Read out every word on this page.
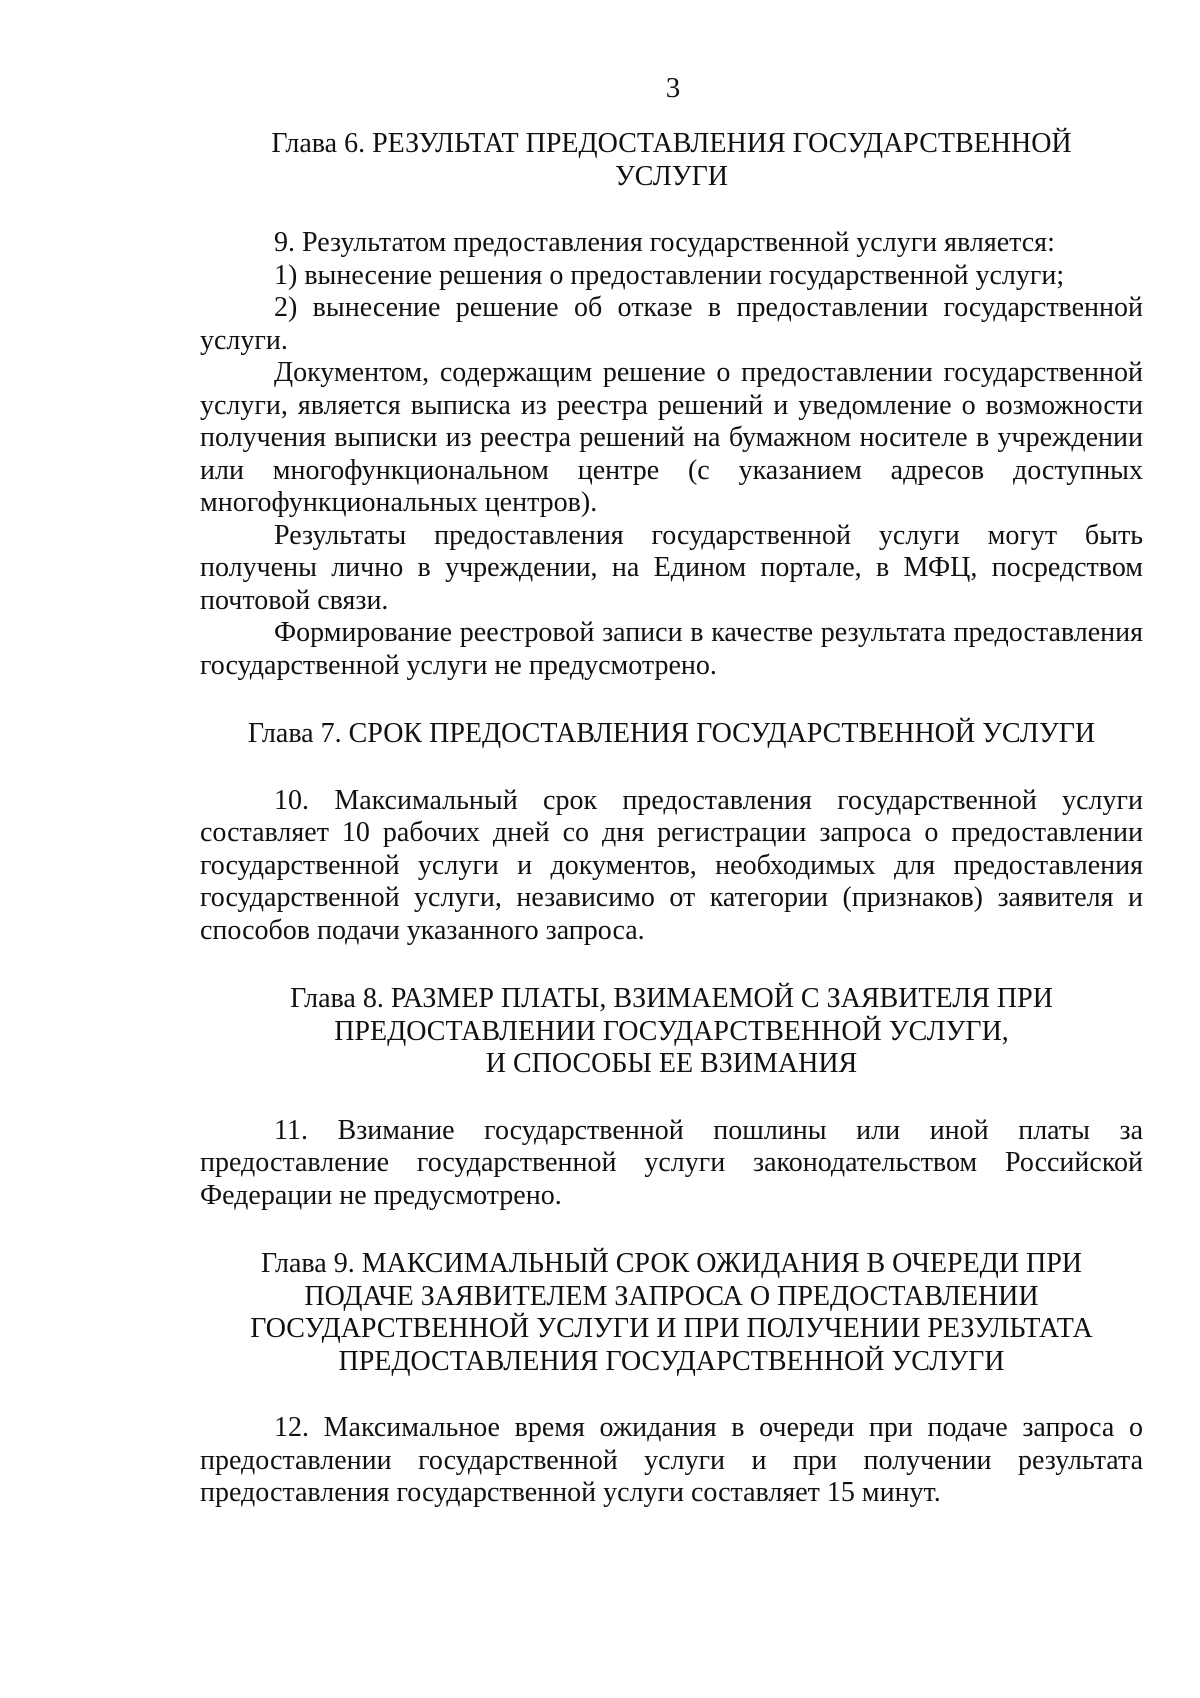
3
Глава 6. РЕЗУЛЬТАТ ПРЕДОСТАВЛЕНИЯ ГОСУДАРСТВЕННОЙ
УСЛУГИ

9. Результатом предоставления государственной услуги является:

1) вынесение решения о предоставлении государственной услуги;

2) вынесение решение об отказе в предоставлении государственной услуги.

Документом, содержащим решение о предоставлении государственной услуги, является выписка из реестра решений и уведомление о возможности получения выписки из реестра решений на бумажном носителе в учреждении или многофункциональном центре (с указанием адресов доступных многофункциональных центров).

Результаты предоставления государственной услуги могут быть получены лично в учреждении, на Едином портале, в МФЦ, посредством почтовой связи.

Формирование реестровой записи в качестве результата предоставления государственной услуги не предусмотрено.

Глава 7. СРОК ПРЕДОСТАВЛЕНИЯ ГОСУДАРСТВЕННОЙ УСЛУГИ

10. Максимальный срок предоставления государственной услуги составляет 10 рабочих дней со дня регистрации запроса о предоставлении государственной услуги и документов, необходимых для предоставления государственной услуги, независимо от категории (признаков) заявителя и способов подачи указанного запроса.

Глава 8. РАЗМЕР ПЛАТЫ, ВЗИМАЕМОЙ С ЗАЯВИТЕЛЯ ПРИ
ПРЕДОСТАВЛЕНИИ ГОСУДАРСТВЕННОЙ УСЛУГИ,
И СПОСОБЫ ЕЕ ВЗИМАНИЯ

11. Взимание государственной пошлины или иной платы за предоставление государственной услуги законодательством Российской Федерации не предусмотрено.

Глава 9. МАКСИМАЛЬНЫЙ СРОК ОЖИДАНИЯ В ОЧЕРЕДИ ПРИ
ПОДАЧЕ ЗАЯВИТЕЛЕМ ЗАПРОСА О ПРЕДОСТАВЛЕНИИ
ГОСУДАРСТВЕННОЙ УСЛУГИ И ПРИ ПОЛУЧЕНИИ РЕЗУЛЬТАТА
ПРЕДОСТАВЛЕНИЯ ГОСУДАРСТВЕННОЙ УСЛУГИ

12. Максимальное время ожидания в очереди при подаче запроса о предоставлении государственной услуги и при получении результата предоставления государственной услуги составляет 15 минут.
